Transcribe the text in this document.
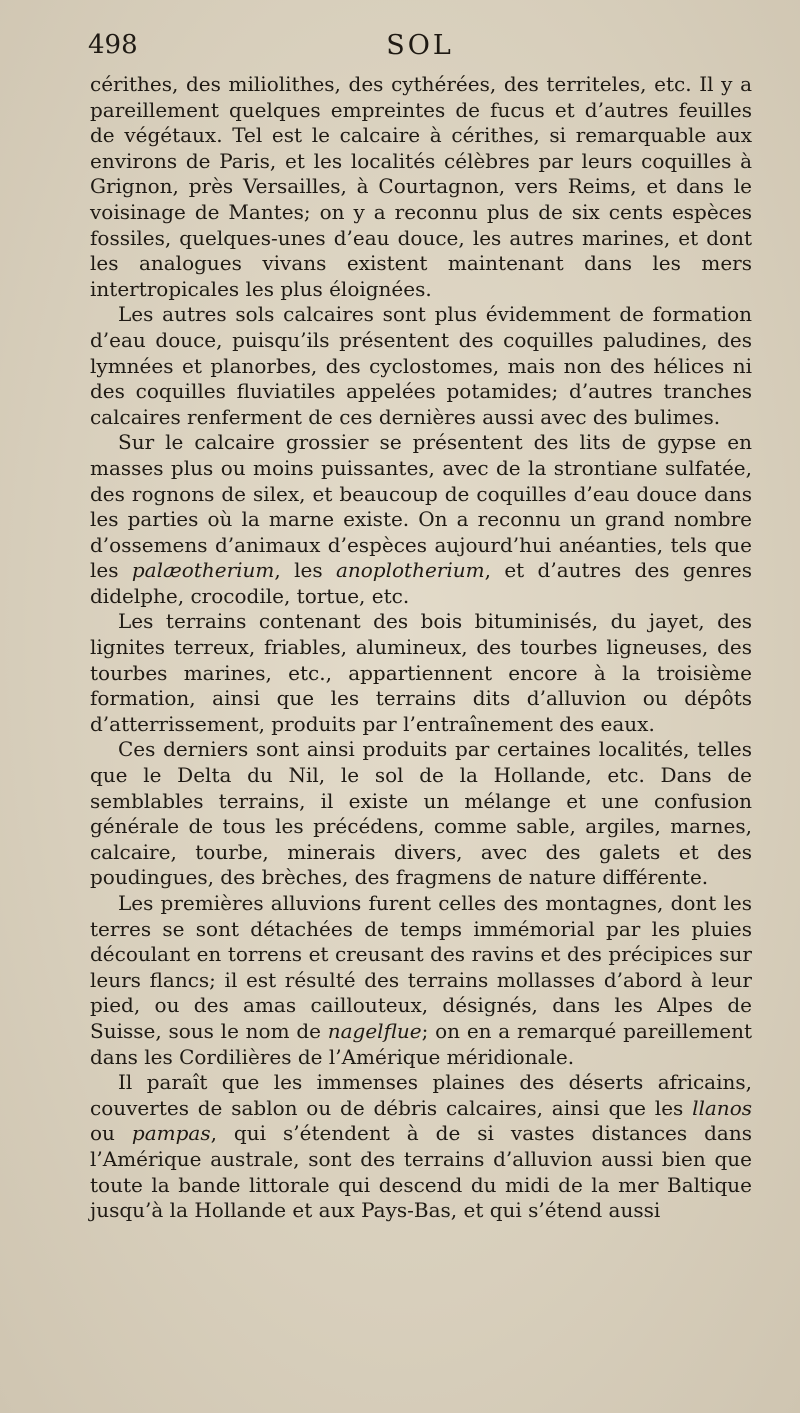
498	SOL

cérithes, des miliolithes, des cythérées, des territeles, etc. Il y a pareillement quelques empreintes de fucus et d’autres feuilles de végétaux. Tel est le calcaire à cérithes, si remarquable aux environs de Paris, et les localités célèbres par leurs coquilles à Grignon, près Versailles, à Courtagnon, vers Reims, et dans le voisinage de Mantes; on y a reconnu plus de six cents espèces fossiles, quelques-unes d’eau douce, les autres marines, et dont les analogues vivans existent maintenant dans les mers intertropicales les plus éloignées.

Les autres sols calcaires sont plus évidemment de formation d’eau douce, puisqu’ils présentent des coquilles paludines, des lymnées et planorbes, des cyclostomes, mais non des hélices ni des coquilles fluviatiles appelées potamides; d’autres tranches calcaires renferment de ces dernières aussi avec des bulimes.

Sur le calcaire grossier se présentent des lits de gypse en masses plus ou moins puissantes, avec de la strontiane sulfatée, des rognons de silex, et beaucoup de coquilles d’eau douce dans les parties où la marne existe. On a reconnu un grand nombre d’ossemens d’animaux d’espèces aujourd’hui anéanties, tels que les palæotherium, les anoplotherium, et d’autres des genres didelphe, crocodile, tortue, etc.

Les terrains contenant des bois bituminisés, du jayet, des lignites terreux, friables, alumineux, des tourbes ligneuses, des tourbes marines, etc., appartiennent encore à la troisième formation, ainsi que les terrains dits d’alluvion ou dépôts d’atterrissement, produits par l’entraînement des eaux.

Ces derniers sont ainsi produits par certaines localités, telles que le Delta du Nil, le sol de la Hollande, etc. Dans de semblables terrains, il existe un mélange et une confusion générale de tous les précédens, comme sable, argiles, marnes, calcaire, tourbe, minerais divers, avec des galets et des poudingues, des brèches, des fragmens de nature différente.

Les premières alluvions furent celles des montagnes, dont les terres se sont détachées de temps immémorial par les pluies découlant en torrens et creusant des ravins et des précipices sur leurs flancs; il est résulté des terrains mollasses d’abord à leur pied, ou des amas caillouteux, désignés, dans les Alpes de Suisse, sous le nom de nagelflue; on en a remarqué pareillement dans les Cordilières de l’Amérique méridionale.

Il paraît que les immenses plaines des déserts africains, couvertes de sablon ou de débris calcaires, ainsi que les llanos ou pampas, qui s’étendent à de si vastes distances dans l’Amérique australe, sont des terrains d’alluvion aussi bien que toute la bande littorale qui descend du midi de la mer Baltique jusqu’à la Hollande et aux Pays-Bas, et qui s’étend aussi
